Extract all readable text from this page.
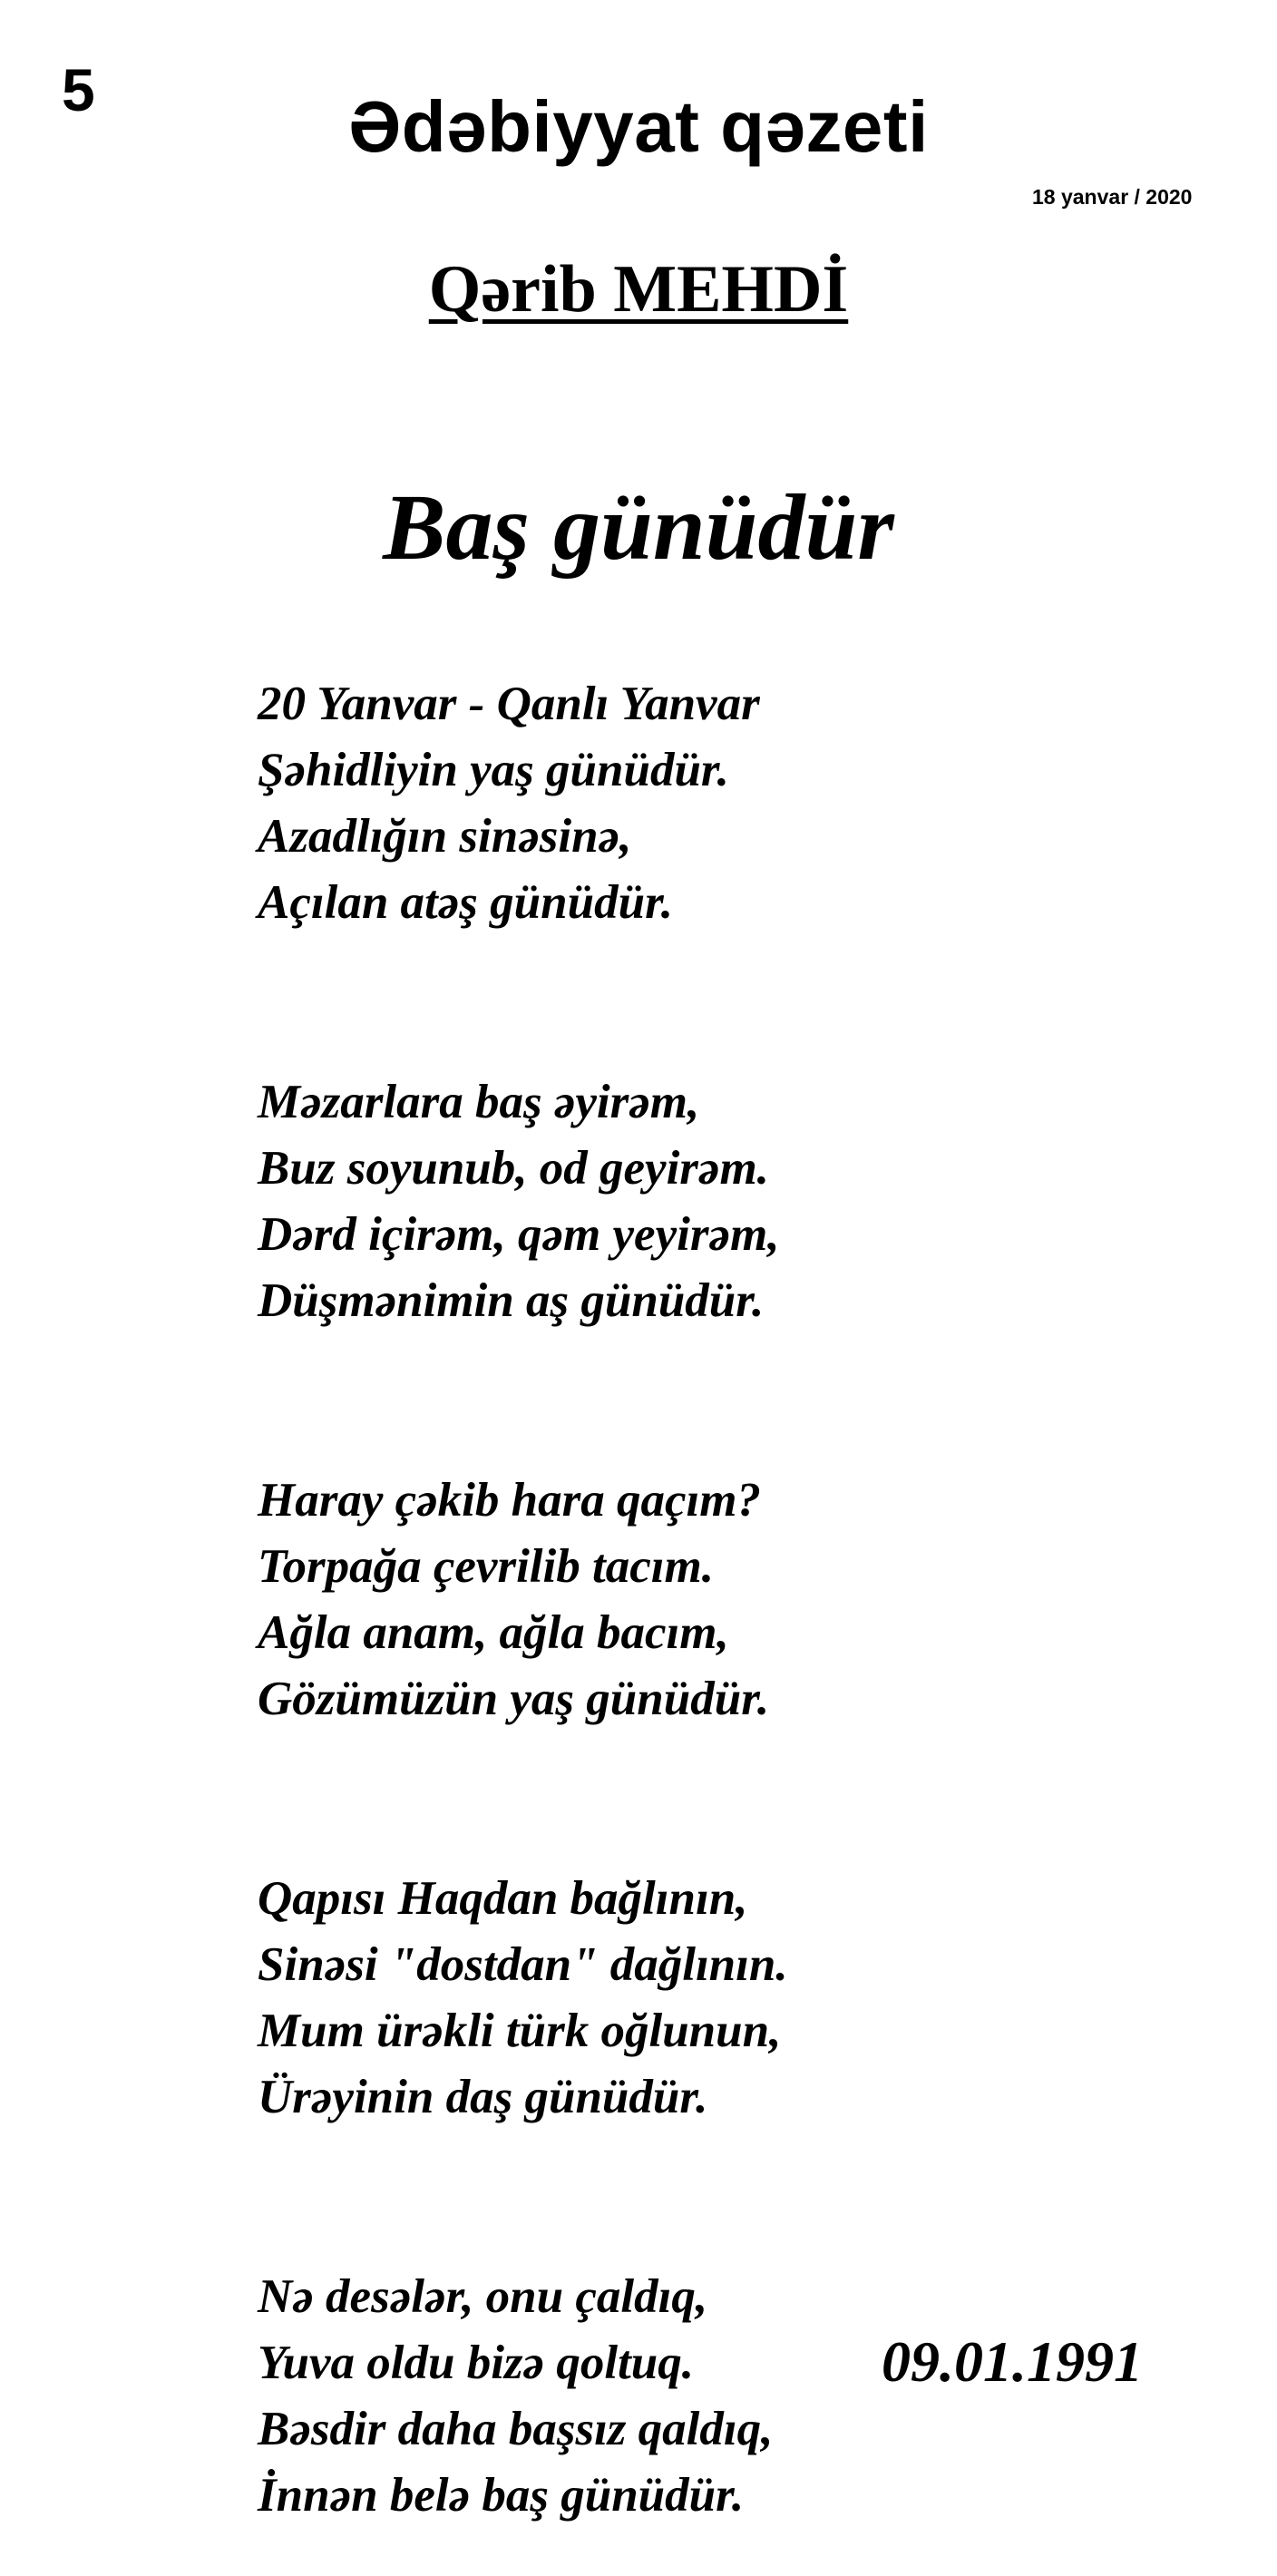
5	Ədəbiyyat qəzeti
18 yanvar / 2020
Qərib MEHDİ
Baş günüdür
20 Yanvar - Qanlı Yanvar
Şəhidliyin yaş günüdür.
Azadlığın sinəsinə,
Açılan atəş günüdür.
Məzarlara baş əyirəm,
Buz soyunub, od geyirəm.
Dərd içirəm, qəm yeyirəm,
Düşmənimin aş günüdür.
Haray çəkib hara qaçım?
Torpağa çevrilib tacım.
Ağla anam, ağla bacım,
Gözümüzün yaş günüdür.
Qapısı Haqdan bağlının,
Sinəsi "dostdan" dağlının.
Mum ürəkli türk oğlunun,
Ürəyinin daş günüdür.
Nə desələr, onu çaldıq,
Yuva oldu bizə qoltuq.
Bəsdir daha başsız qaldıq,
İnnən belə baş günüdür.
09.01.1991
